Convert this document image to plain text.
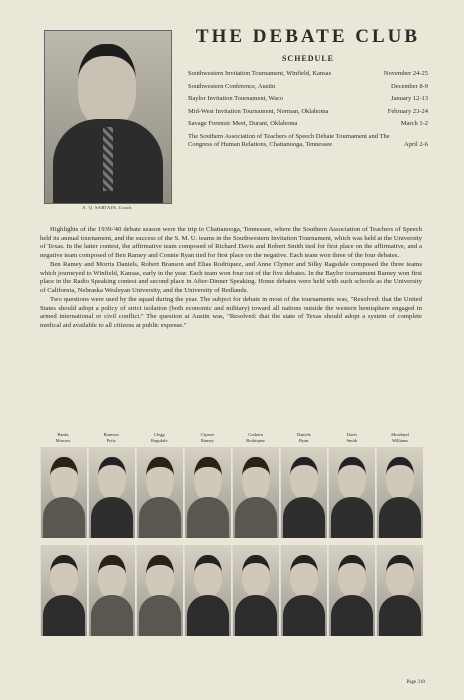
A. Q. SARTAIN, Coach
THE DEBATE CLUB
SCHEDULE
Southwestern Invitation Tournament, Winfield, Kansas	November 24-25
Southwestern Conference, Austin	December 8-9
Baylor Invitation Tournament, Waco	January 12-13
Mid-West Invitation Tournament, Norman, Oklahoma	February 23-24
Savage Forensic Meet, Durant, Oklahoma	March 1-2
The Southern Association of Teachers of Speech Debate Tournament and The Congress of Human Relations, Chattanooga, Tennessee	April 2-6

Highlights of the 1939-'40 debate season were the trip to Chattanooga, Tennessee, where the Southern Association of Teachers of Speech held its annual tournament, and the success of the S. M. U. teams in the Southwestern Invitation Tournament, which was held at the University of Texas. In the latter contest, the affirmative team composed of Richard Davis and Robert Smith tied for first place on the affirmative, and a negative team composed of Ben Ramey and Connie Ryan tied for first place on the negative. Each team won three of the four debates.

Ben Ramey and Morris Daniels, Robert Branson and Elias Rodriquez, and Anne Clymer and Silky Ragsdale composed the three teams which journeyed to Winfield, Kansas, early in the year. Each team won four out of the five debates. In the Baylor tournament Ramey won first place in the Radio Speaking contest and second place in After-Dinner Speaking. Home debates were held with such schools as the University of California, Nebraska Wesleyan University, and the University of Redlands.

Two questions were used by the squad during the year. The subject for debate in most of the tournaments was, "Resolved: that the United States should adopt a policy of strict isolation (both economic and military) toward all nations outside the western hemisphere engaged in armed international or civil conflict." The question at Austin was, "Resolved: that the state of Texas should adopt a system of complete medical aid available to all citizens at public expense."

Banks
Morrow
Branson
Potts
Clegg
Ragsdale
Clymer
Ramey
Corkern
Rodriquez
Daniels
Ryan
Davis
Smith
Moreland
Williams
Page 310
